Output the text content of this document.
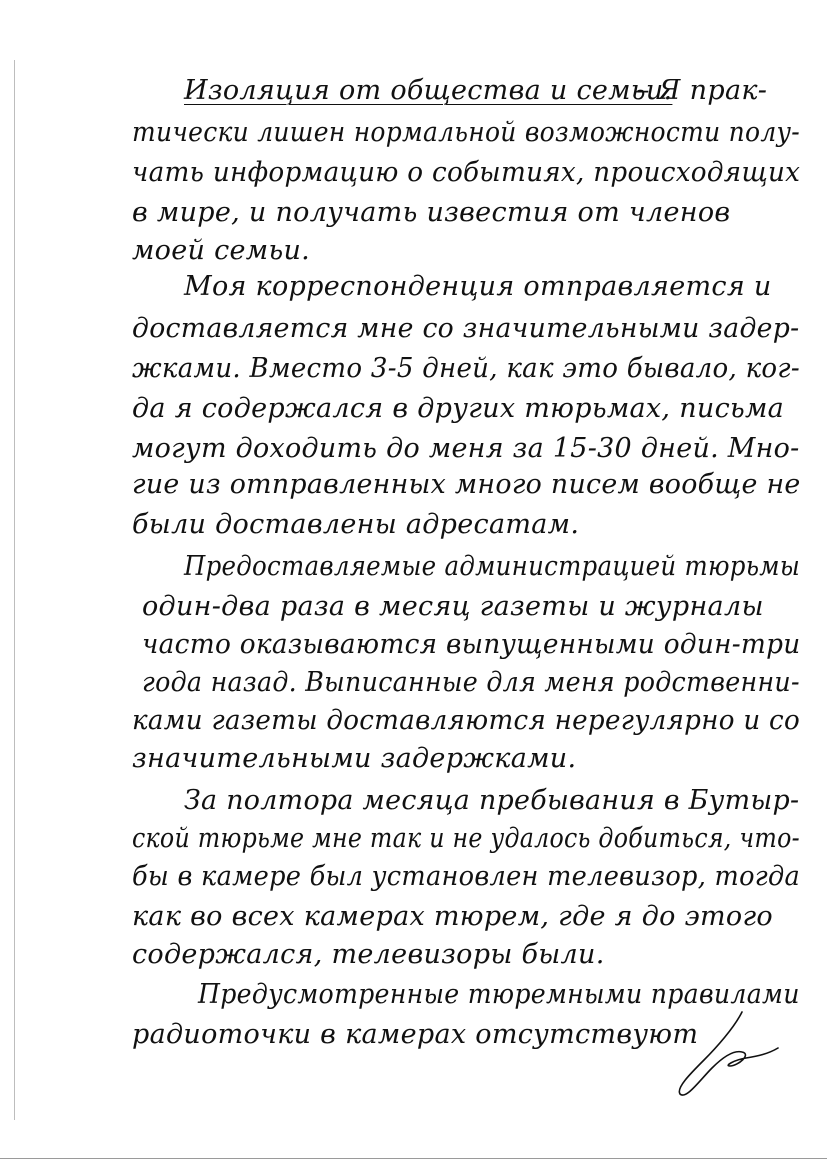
Изоляция от общества и семьи.
– Я прак-
тически лишен нормальной возможности полу-
чать информацию о событиях, происходящих
в мире, и получать известия от членов
моей семьи.
Моя корреспонденция отправляется и
доставляется мне со значительными задер-
жками. Вместо 3-5 дней, как это бывало, ког-
да я содержался в других тюрьмах, письма
могут доходить до меня за 15-30 дней. Мно-
гие из отправленных много писем вообще не
были доставлены адресатам.
Предоставляемые администрацией тюрьмы
один-два раза в месяц газеты и журналы
часто оказываются выпущенными один-три
года назад. Выписанные для меня родственни-
ками газеты доставляются нерегулярно и со
значительными задержками.
За полтора месяца пребывания в Бутыр-
ской тюрьме мне так и не удалось добиться, что-
бы в камере был установлен телевизор, тогда
как во всех камерах тюрем, где я до этого
содержался, телевизоры были.
Предусмотренные тюремными правилами
радиоточки в камерах отсутствуют
